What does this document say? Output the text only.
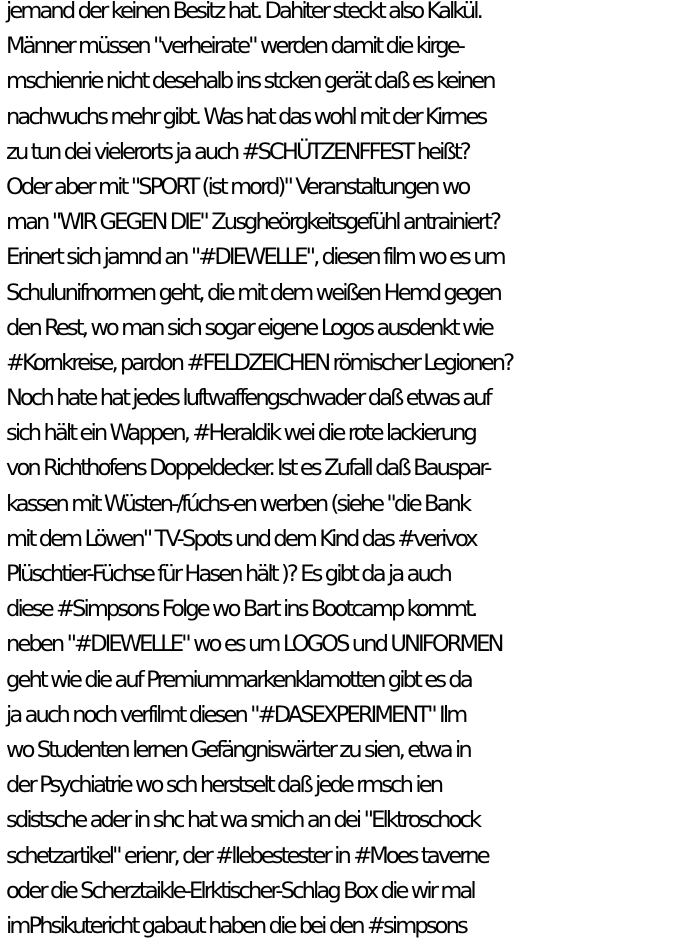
jemand der keinen Besitz hat. Dahiter steckt also Kalkül.
Männer müssen "verheirate" werden damit die kirge-
mschienrie nicht desehalb ins stcken gerät daß es keinen
nachwuchs mehr gibt. Was hat das wohl mit der Kirmes
zu tun dei vielerorts ja auch #SCHÜTZENFFEST heißt?
Oder aber mit "SPORT (ist mord)" Veranstaltungen wo
man "WIR GEGEN DIE" Zusgheörgkeitsgefühl antrainiert?
Erinert sich jamnd an "#DIEWELLE", diesen film wo es um
Schulunifnormen geht, die mit dem weißen Hemd gegen
den Rest, wo man sich sogar eigene Logos ausdenkt wie
#Kornkreise, pardon #FELDZEICHEN römischer Legionen?
Noch hate hat jedes luftwaffengschwader daß etwas auf
sich hält ein Wappen, #Heraldik wei die rote lackierung
von Richthofens Doppeldecker. Ist es Zufall daß Bauspar-
kassen mit Wüsten-/fúchs-en werben (siehe "die Bank
mit dem Löwen" TV-Spots und dem Kind das #verivox
Plüschtier-Füchse für Hasen hält )? Es gibt da ja auch
diese #Simpsons Folge wo Bart ins Bootcamp kommt.
neben "#DIEWELLE" wo es um LOGOS und UNIFORMEN
geht wie die auf Premiummarkenklamotten gibt es da
ja auch noch verfilmt diesen "#DASEXPERIMENT" Ilm
wo Studenten lernen Gefängniswärter zu sien, etwa in
der Psychiatrie wo sch herstselt daß jede rmsch ien
sdistsche ader in shc hat wa smich an dei "Elktroschock
schetzartikel" erienr, der #lIebestester in #Moes taverne
oder die Scherztaikle-Elrktischer-Schlag Box die wir mal
imPhsikutericht gabaut haben die bei den #simpsons
